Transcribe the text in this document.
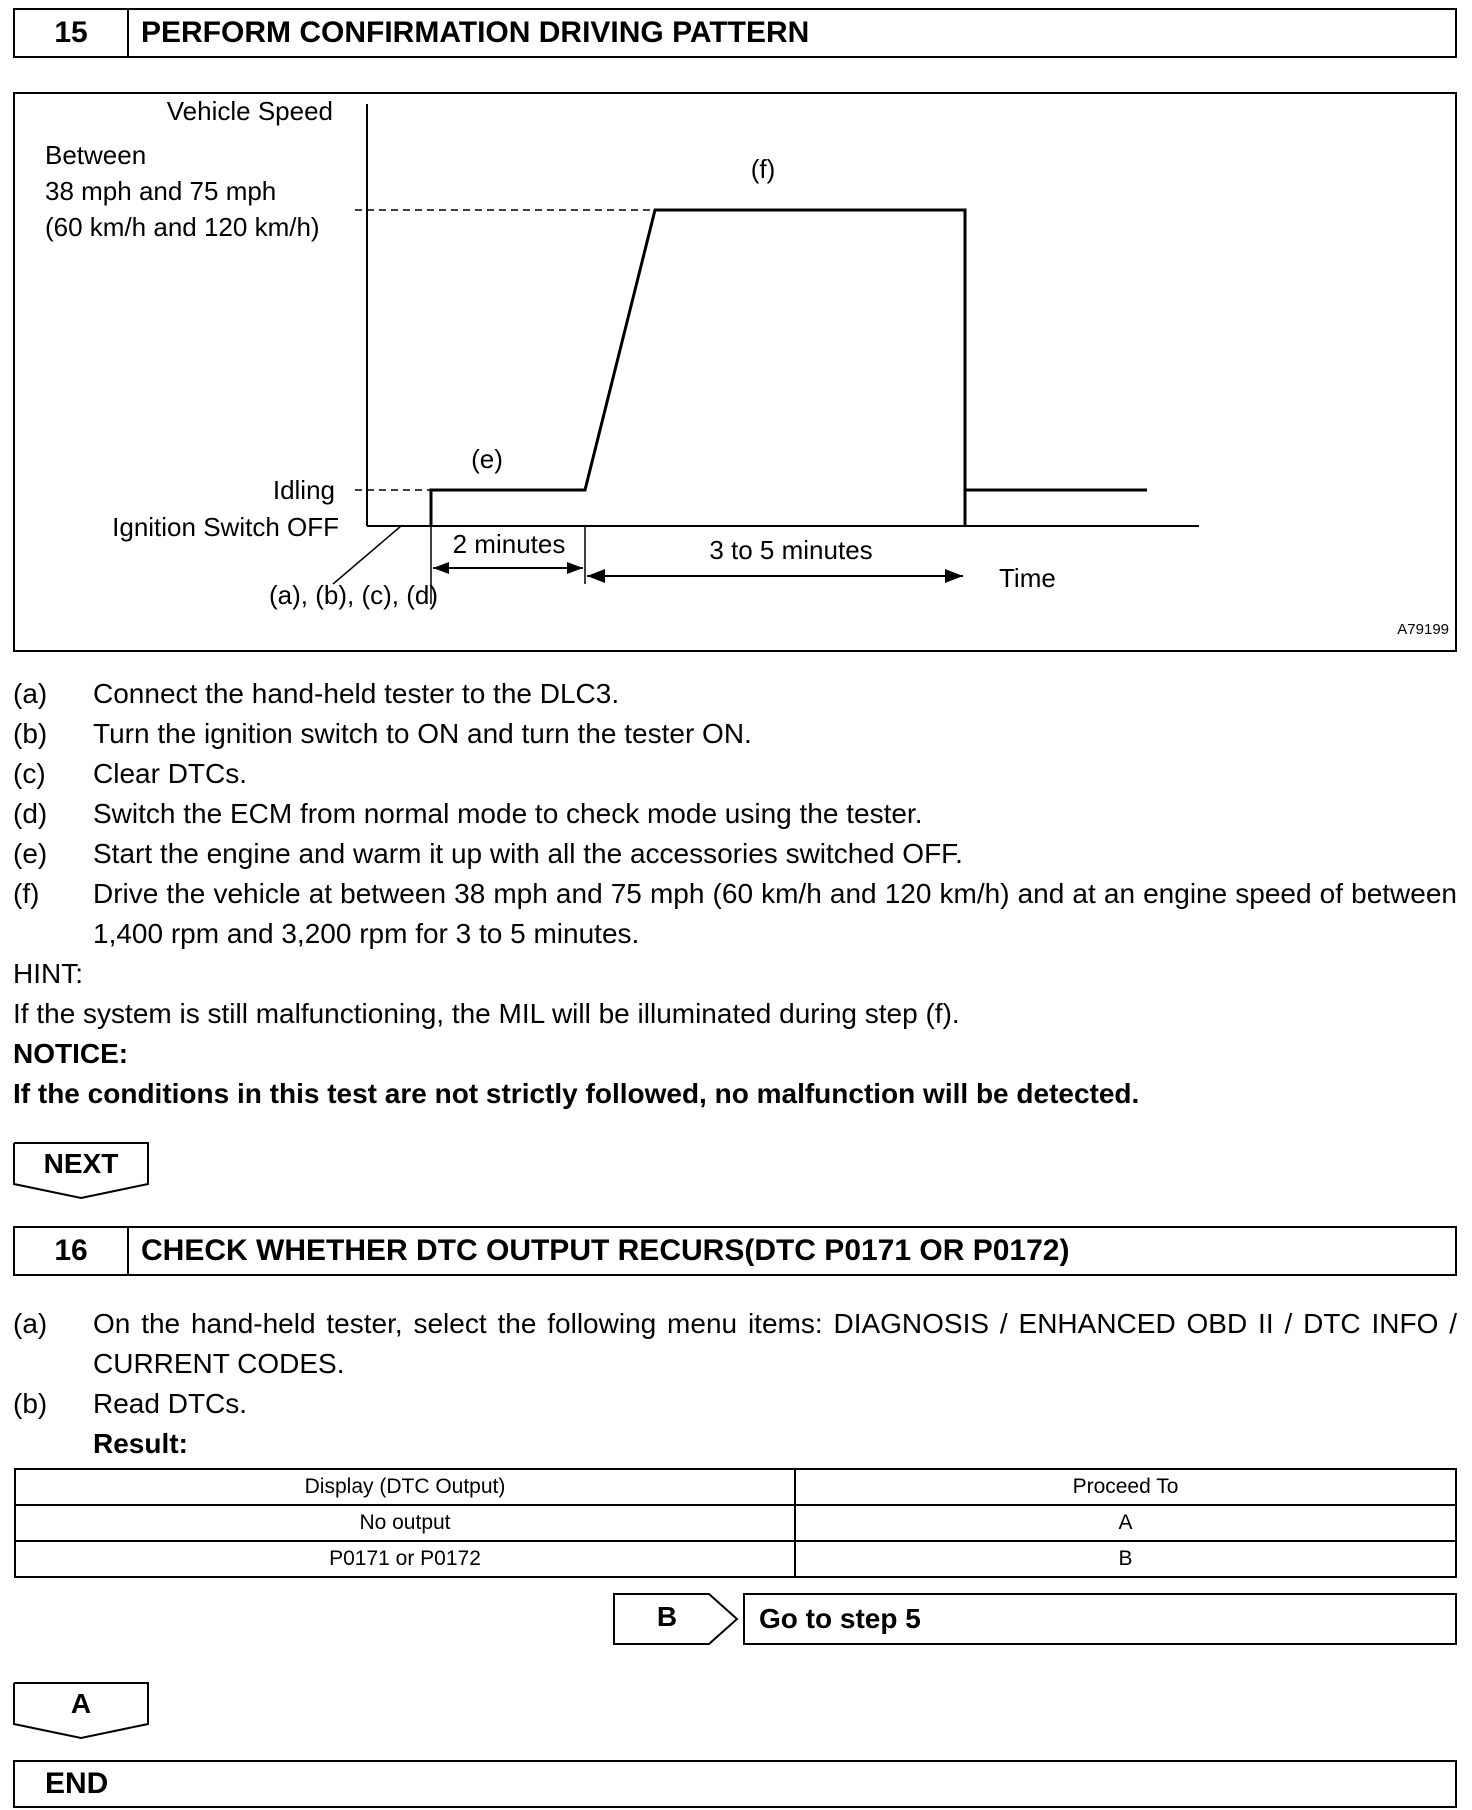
15	PERFORM CONFIRMATION DRIVING PATTERN
Vehicle Speed
Between
38 mph and 75 mph
(60 km/h and 120 km/h)
(f)
(e)
Idling
Ignition Switch OFF
2 minutes	3 to 5 minutes
Time
(a), (b), (c), (d)
A79199
(a)	Connect the hand-held tester to the DLC3.
(b)	Turn the ignition switch to ON and turn the tester ON.
(c)	Clear DTCs.
(d)	Switch the ECM from normal mode to check mode using the tester.
(e)	Start the engine and warm it up with all the accessories switched OFF.
(f)	Drive the vehicle at between 38 mph and 75 mph (60 km/h and 120 km/h) and at an engine speed of between 1,400 rpm and 3,200 rpm for 3 to 5 minutes.
HINT:
If the system is still malfunctioning, the MIL will be illuminated during step (f).
NOTICE:
If the conditions in this test are not strictly followed, no malfunction will be detected.
NEXT
16	CHECK WHETHER DTC OUTPUT RECURS(DTC P0171 OR P0172)
(a)	On the hand-held tester, select the following menu items: DIAGNOSIS / ENHANCED OBD II / DTC INFO / CURRENT CODES.
(b)	Read DTCs.
Result:
Display (DTC Output)	Proceed To
No output	A
P0171 or P0172	B
B	Go to step 5
A
END
